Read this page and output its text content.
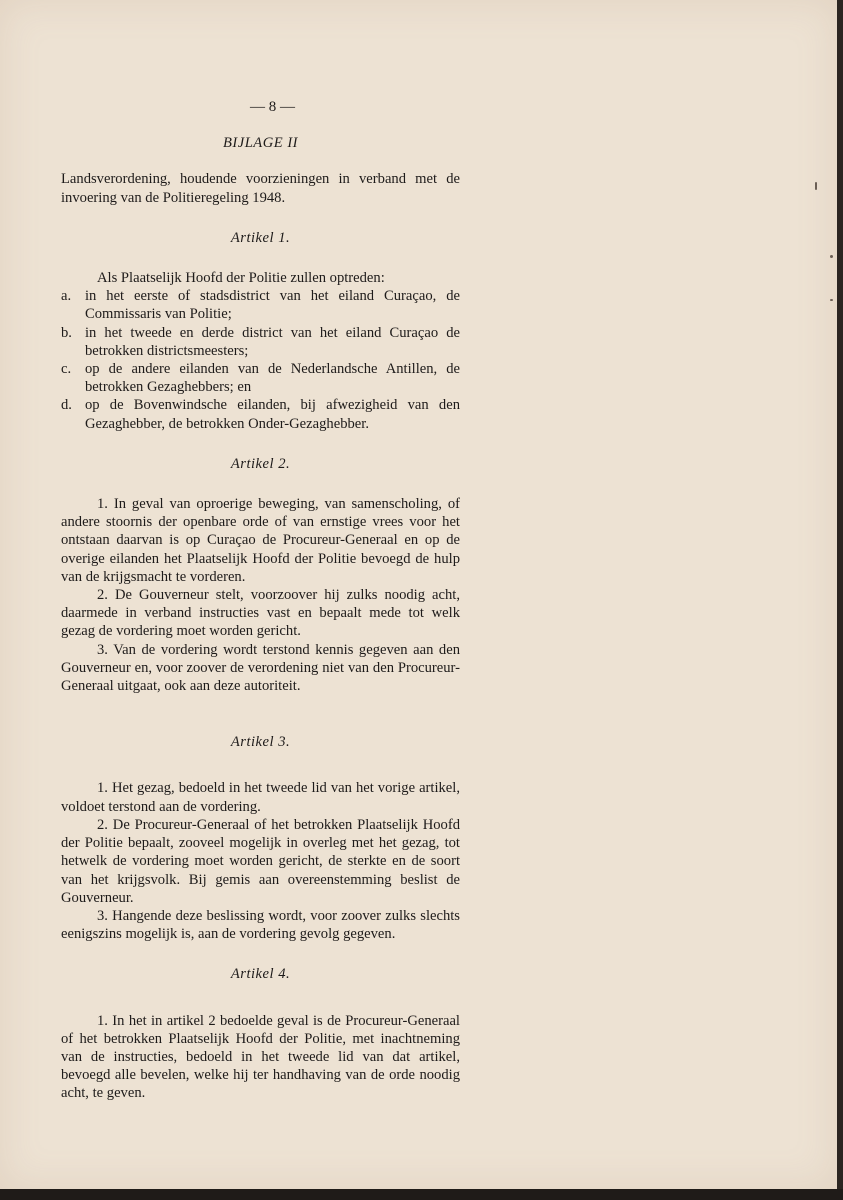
— 8 —
BIJLAGE II

Landsverordening, houdende voorzieningen in verband met de invoering van de Politieregeling 1948.

Artikel 1.

Als Plaatselijk Hoofd der Politie zullen optreden:

a. in het eerste of stadsdistrict van het eiland Curaçao, de Commissaris van Politie;
b. in het tweede en derde district van het eiland Curaçao de betrokken districtsmeesters;
c. op de andere eilanden van de Nederlandsche Antillen, de betrokken Gezaghebbers; en
d. op de Bovenwindsche eilanden, bij afwezigheid van den Gezaghebber, de betrokken Onder-Gezaghebber.
Artikel 2.

1. In geval van oproerige beweging, van samenscholing, of andere stoornis der openbare orde of van ernstige vrees voor het ontstaan daarvan is op Curaçao de Procureur-Generaal en op de overige eilanden het Plaatselijk Hoofd der Politie bevoegd de hulp van de krijgsmacht te vorderen.

2. De Gouverneur stelt, voorzoover hij zulks noodig acht, daarmede in verband instructies vast en bepaalt mede tot welk gezag de vordering moet worden gericht.

3. Van de vordering wordt terstond kennis gegeven aan den Gouverneur en, voor zoover de verordening niet van den Procureur-Generaal uitgaat, ook aan deze autoriteit.

Artikel 3.

1. Het gezag, bedoeld in het tweede lid van het vorige artikel, voldoet terstond aan de vordering.

2. De Procureur-Generaal of het betrokken Plaatselijk Hoofd der Politie bepaalt, zooveel mogelijk in overleg met het gezag, tot hetwelk de vordering moet worden gericht, de sterkte en de soort van het krijgsvolk. Bij gemis aan overeenstemming beslist de Gouverneur.

3. Hangende deze beslissing wordt, voor zoover zulks slechts eenigszins mogelijk is, aan de vordering gevolg gegeven.

Artikel 4.

1. In het in artikel 2 bedoelde geval is de Procureur-Generaal of het betrokken Plaatselijk Hoofd der Politie, met inachtneming van de instructies, bedoeld in het tweede lid van dat artikel, bevoegd alle bevelen, welke hij ter handhaving van de orde noodig acht, te geven.
